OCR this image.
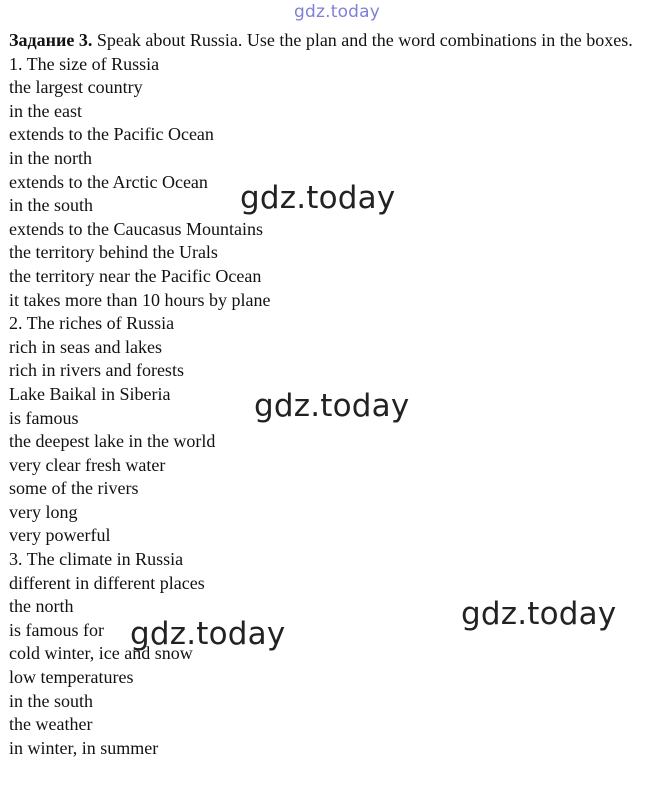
gdz.today

Задание 3. Speak about Russia. Use the plan and the word combinations in the boxes.

1. The size of Russia
the largest country
in the east
extends to the Pacific Ocean
in the north
extends to the Arctic Ocean
in the south
extends to the Caucasus Mountains
the territory behind the Urals
the territory near the Pacific Ocean
it takes more than 10 hours by plane
2. The riches of Russia
rich in seas and lakes
rich in rivers and forests
Lake Baikal in Siberia
is famous
the deepest lake in the world
very clear fresh water
some of the rivers
very long
very powerful
3. The climate in Russia
different in different places
the north
is famous for
cold winter, ice and snow
low temperatures
in the south
the weather
in winter, in summer
gdz.today
gdz.today
gdz.today
gdz.today
